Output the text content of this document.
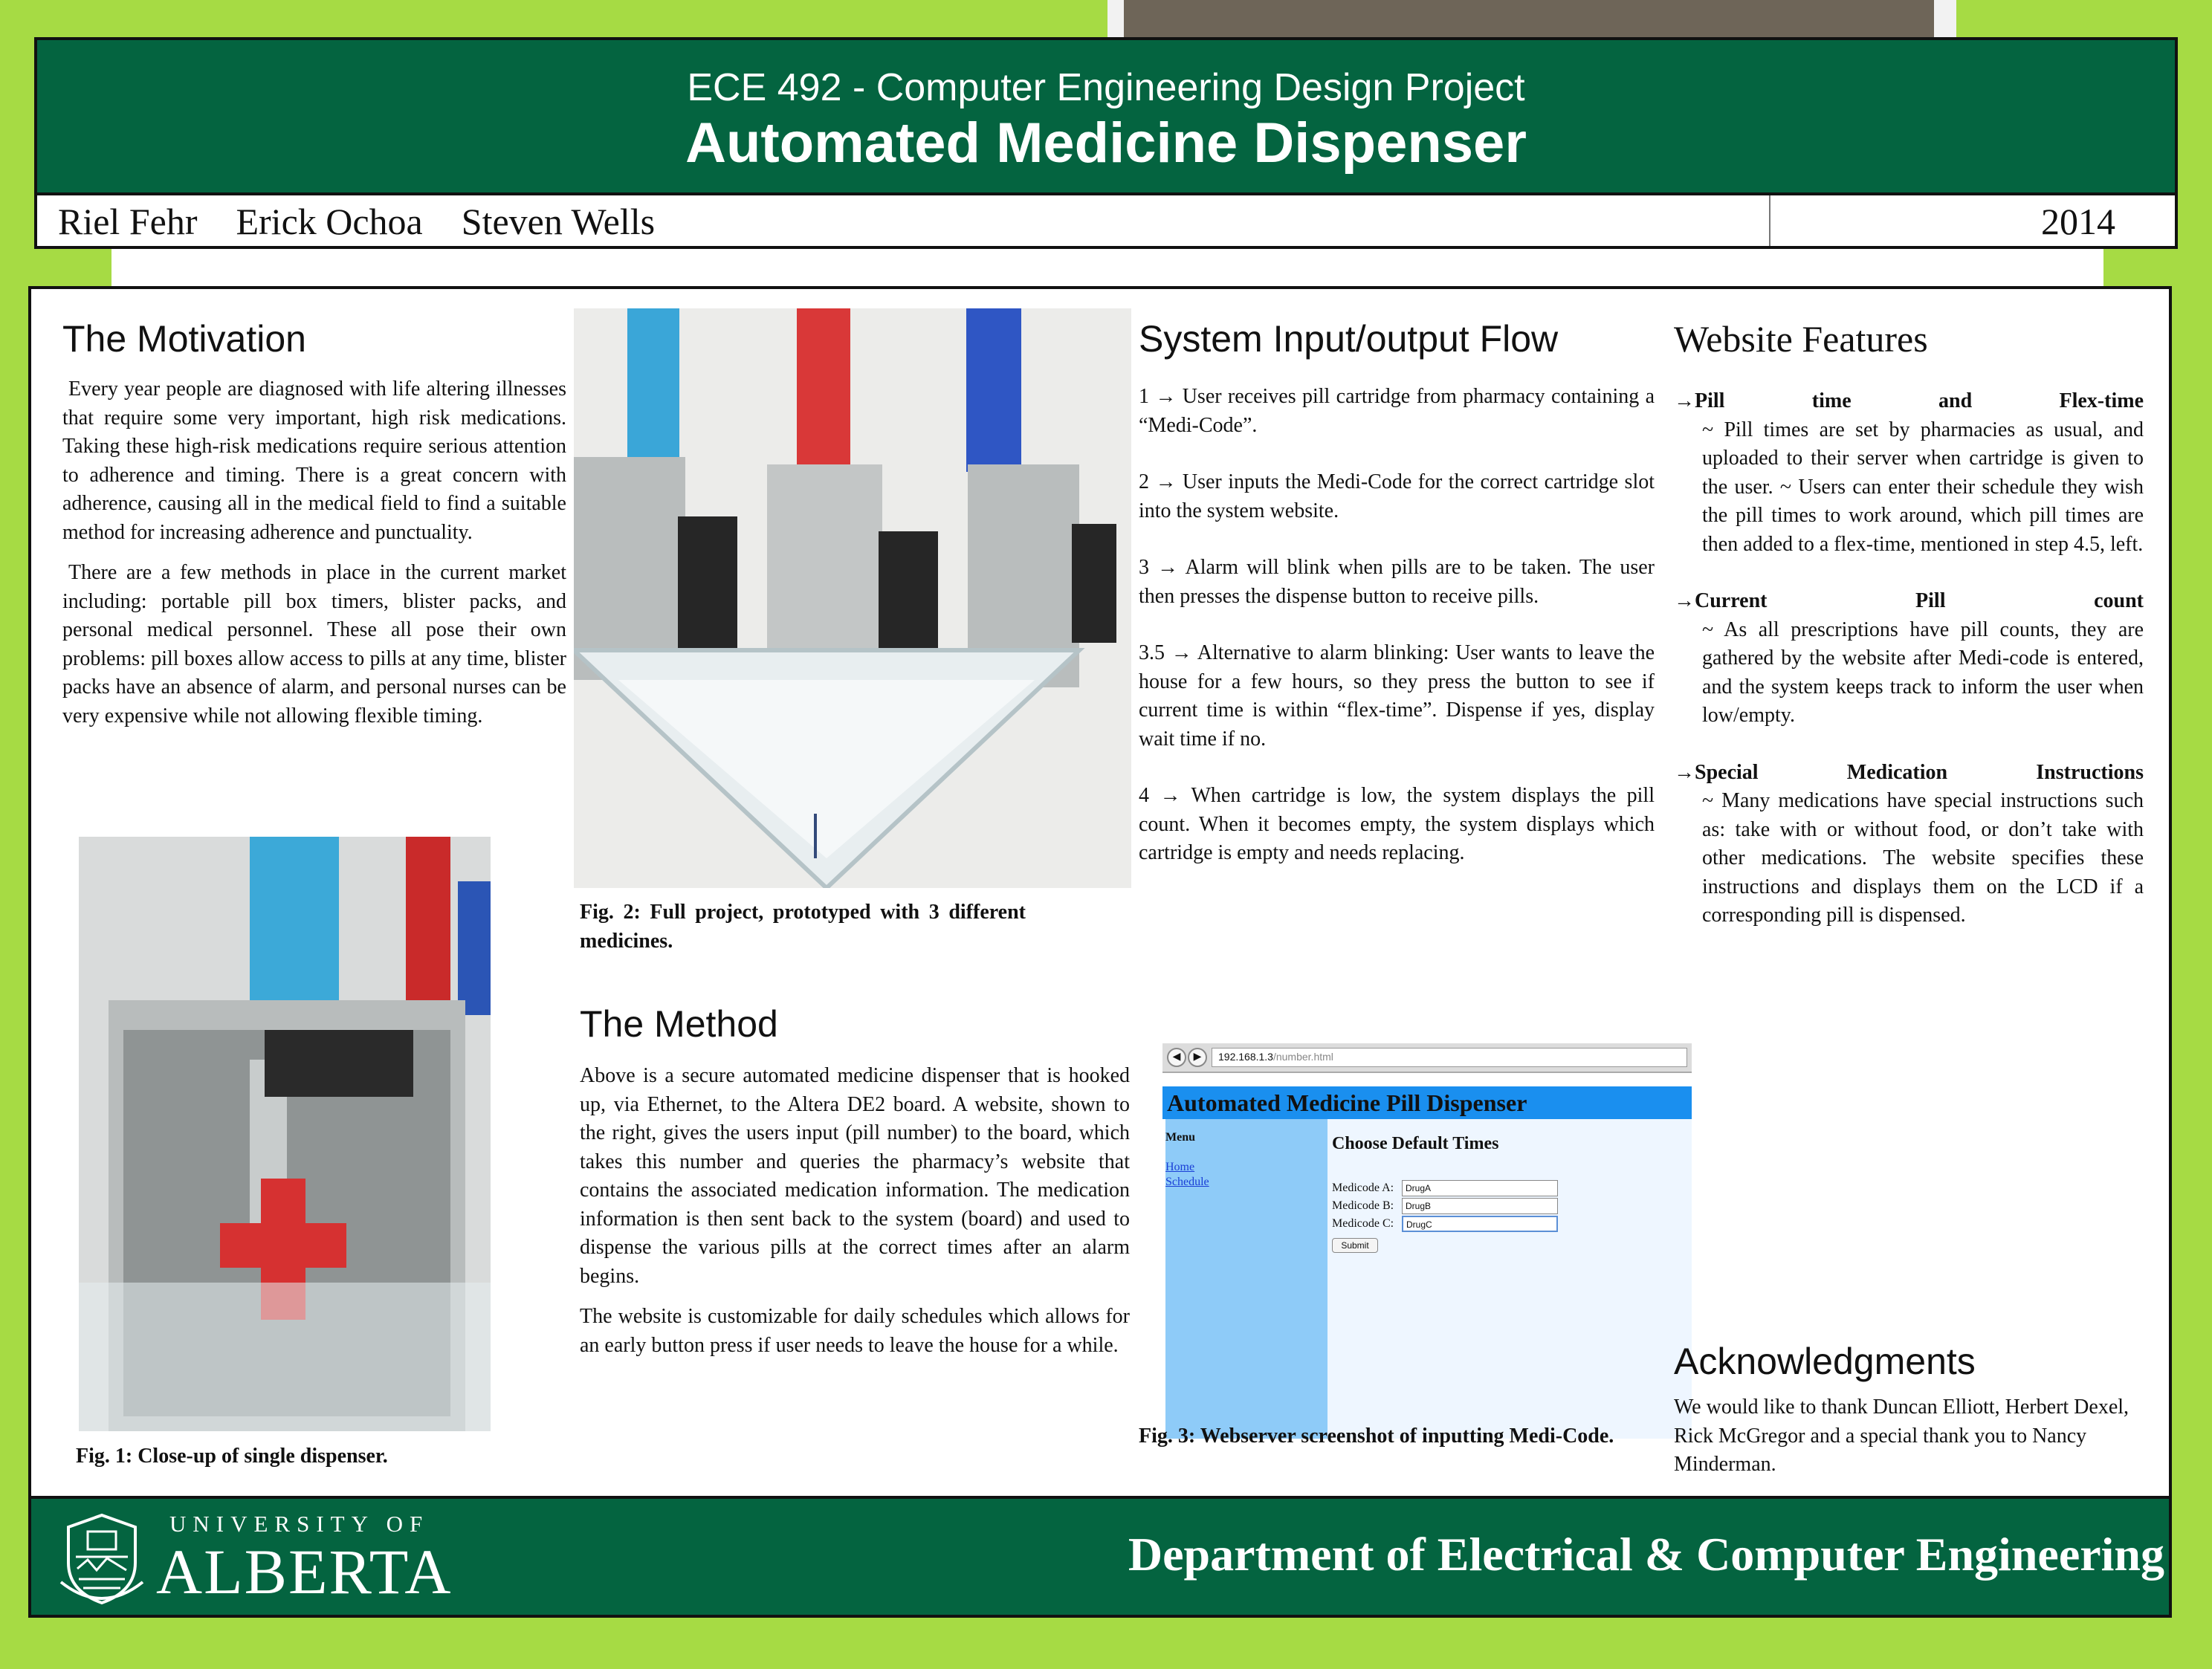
ECE 492 - Computer Engineering Design Project
Automated Medicine Dispenser
Riel Fehr Erick Ochoa Steven Wells	2014
The Motivation

Every year people are diagnosed with life altering illnesses that require some very important, high risk medications. Taking these high-risk medications require serious attention to adherence and timing. There is a great concern with adherence, causing all in the medical field to find a suitable method for increasing adherence and punctuality.

There are a few methods in place in the current market including: portable pill box timers, blister packs, and personal medical personnel. These all pose their own problems: pill boxes allow access to pills at any time, blister packs have an absence of alarm, and personal nurses can be very expensive while not allowing flexible timing.

Fig. 1: Close-up of single dispenser.
Fig. 2: Full project, prototyped with 3 different medicines.
The Method

Above is a secure automated medicine dispenser that is hooked up, via Ethernet, to the Altera DE2 board. A website, shown to the right, gives the users input (pill number) to the board, which takes this number and queries the pharmacy’s website that contains the associated medication information. The medication information is then sent back to the system (board) and used to dispense the various pills at the correct times after an alarm begins.

The website is customizable for daily schedules which allows for an early button press if user needs to leave the house for a while.

System Input/output Flow

1 → User receives pill cartridge from pharmacy containing a “Medi-Code”.

2 → User inputs the Medi-Code for the correct cartridge slot into the system website.

3 → Alarm will blink when pills are to be taken. The user then presses the dispense button to receive pills.

3.5 → Alternative to alarm blinking: User wants to leave the house for a few hours, so they press the button to see if current time is within “flex-time”. Dispense if yes, display wait time if no.

4 → When cartridge is low, the system displays the pill count. When it becomes empty, the system displays which cartridge is empty and needs replacing.

◀	▶	192.168.1.3/number.html
Automated Medicine Pill Dispenser
Menu
Home
Schedule
Choose Default Times
Medicode A:	DrugA
Medicode B:	DrugB
Medicode C:	DrugC
Submit
Fig. 3: Webserver screenshot of inputting Medi-Code.
Website Features
→Pill	time	and	Flex-time

~ Pill times are set by pharmacies as usual, and uploaded to their server when cartridge is given to the user. ~ Users can enter their schedule they wish the pill times to work around, which pill times are then added to a flex-time, mentioned in step 4.5, left.

→Current	Pill	count

~ As all prescriptions have pill counts, they are gathered by the website after Medi-code is entered, and the system keeps track to inform the user when low/empty.

→Special	Medication	Instructions

~ Many medications have special instructions such as: take with or without food, or don’t take with other medications. The website specifies these instructions and displays them on the LCD if a corresponding pill is dispensed.

Acknowledgments

We would like to thank Duncan Elliott, Herbert Dexel, Rick McGregor and a special thank you to Nancy Minderman.

UNIVERSITY OF
ALBERTA	Department of Electrical & Computer Engineering
